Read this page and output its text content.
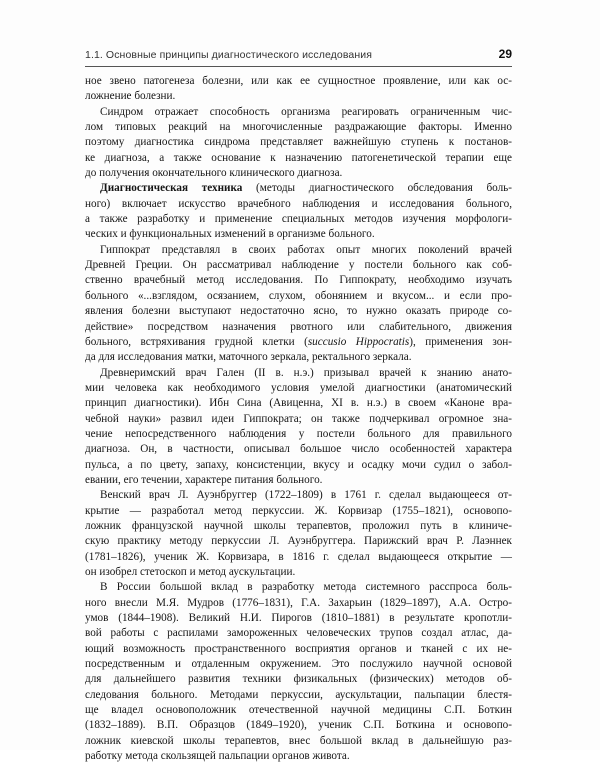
1.1. Основные принципы диагностического исследования	29
ное звено патогенеза болезни, или как ее сущностное проявление, или как ос-
ложнение болезни.
Синдром отражает способность организма реагировать ограниченным чис-
лом типовых реакций на многочисленные раздражающие факторы. Именно
поэтому диагностика синдрома представляет важнейшую ступень к постанов-
ке диагноза, а также основание к назначению патогенетической терапии еще
до получения окончательного клинического диагноза.
Диагностическая техника (методы диагностического обследования боль-
ного) включает искусство врачебного наблюдения и исследования больного,
а также разработку и применение специальных методов изучения морфологи-
ческих и функциональных изменений в организме больного.
Гиппократ представлял в своих работах опыт многих поколений врачей
Древней Греции. Он рассматривал наблюдение у постели больного как соб-
ственно врачебный метод исследования. По Гиппократу, необходимо изучать
больного «...взглядом, осязанием, слухом, обонянием и вкусом... и если про-
явления болезни выступают недостаточно ясно, то нужно оказать природе со-
действие» посредством назначения рвотного или слабительного, движения
больного, встряхивания грудной клетки (succusio Hippocratis), применения зон-
да для исследования матки, маточного зеркала, ректального зеркала.
Древнеримский врач Гален (II в. н.э.) призывал врачей к знанию анато-
мии человека как необходимого условия умелой диагностики (анатомический
принцип диагностики). Ибн Сина (Авиценна, XI в. н.э.) в своем «Каноне вра-
чебной науки» развил идеи Гиппократа; он также подчеркивал огромное зна-
чение непосредственного наблюдения у постели больного для правильного
диагноза. Он, в частности, описывал большое число особенностей характера
пульса, а по цвету, запаху, консистенции, вкусу и осадку мочи судил о забол-
евании, его течении, характере питания больного.
Венский врач Л. Ауэнбруггер (1722–1809) в 1761 г. сделал выдающееся от-
крытие — разработал метод перкуссии. Ж. Корвизар (1755–1821), основопо-
ложник французской научной школы терапевтов, проложил путь в клиниче-
скую практику методу перкуссии Л. Ауэнбруггера. Парижский врач Р. Лаэннек
(1781–1826), ученик Ж. Корвизара, в 1816 г. сделал выдающееся открытие —
он изобрел стетоскоп и метод аускультации.
В России большой вклад в разработку метода системного расспроса боль-
ного внесли М.Я. Мудров (1776–1831), Г.А. Захарьин (1829–1897), А.А. Остро-
умов (1844–1908). Великий Н.И. Пирогов (1810–1881) в результате кропотли-
вой работы с распилами замороженных человеческих трупов создал атлас, да-
ющий возможность пространственного восприятия органов и тканей с их не-
посредственным и отдаленным окружением. Это послужило научной основой
для дальнейшего развития техники физикальных (физических) методов об-
следования больного. Методами перкуссии, аускультации, пальпации блестя-
ще владел основоположник отечественной научной медицины С.П. Боткин
(1832–1889). В.П. Образцов (1849–1920), ученик С.П. Боткина и основопо-
ложник киевской школы терапевтов, внес большой вклад в дальнейшую раз-
работку метода скользящей пальпации органов живота.
